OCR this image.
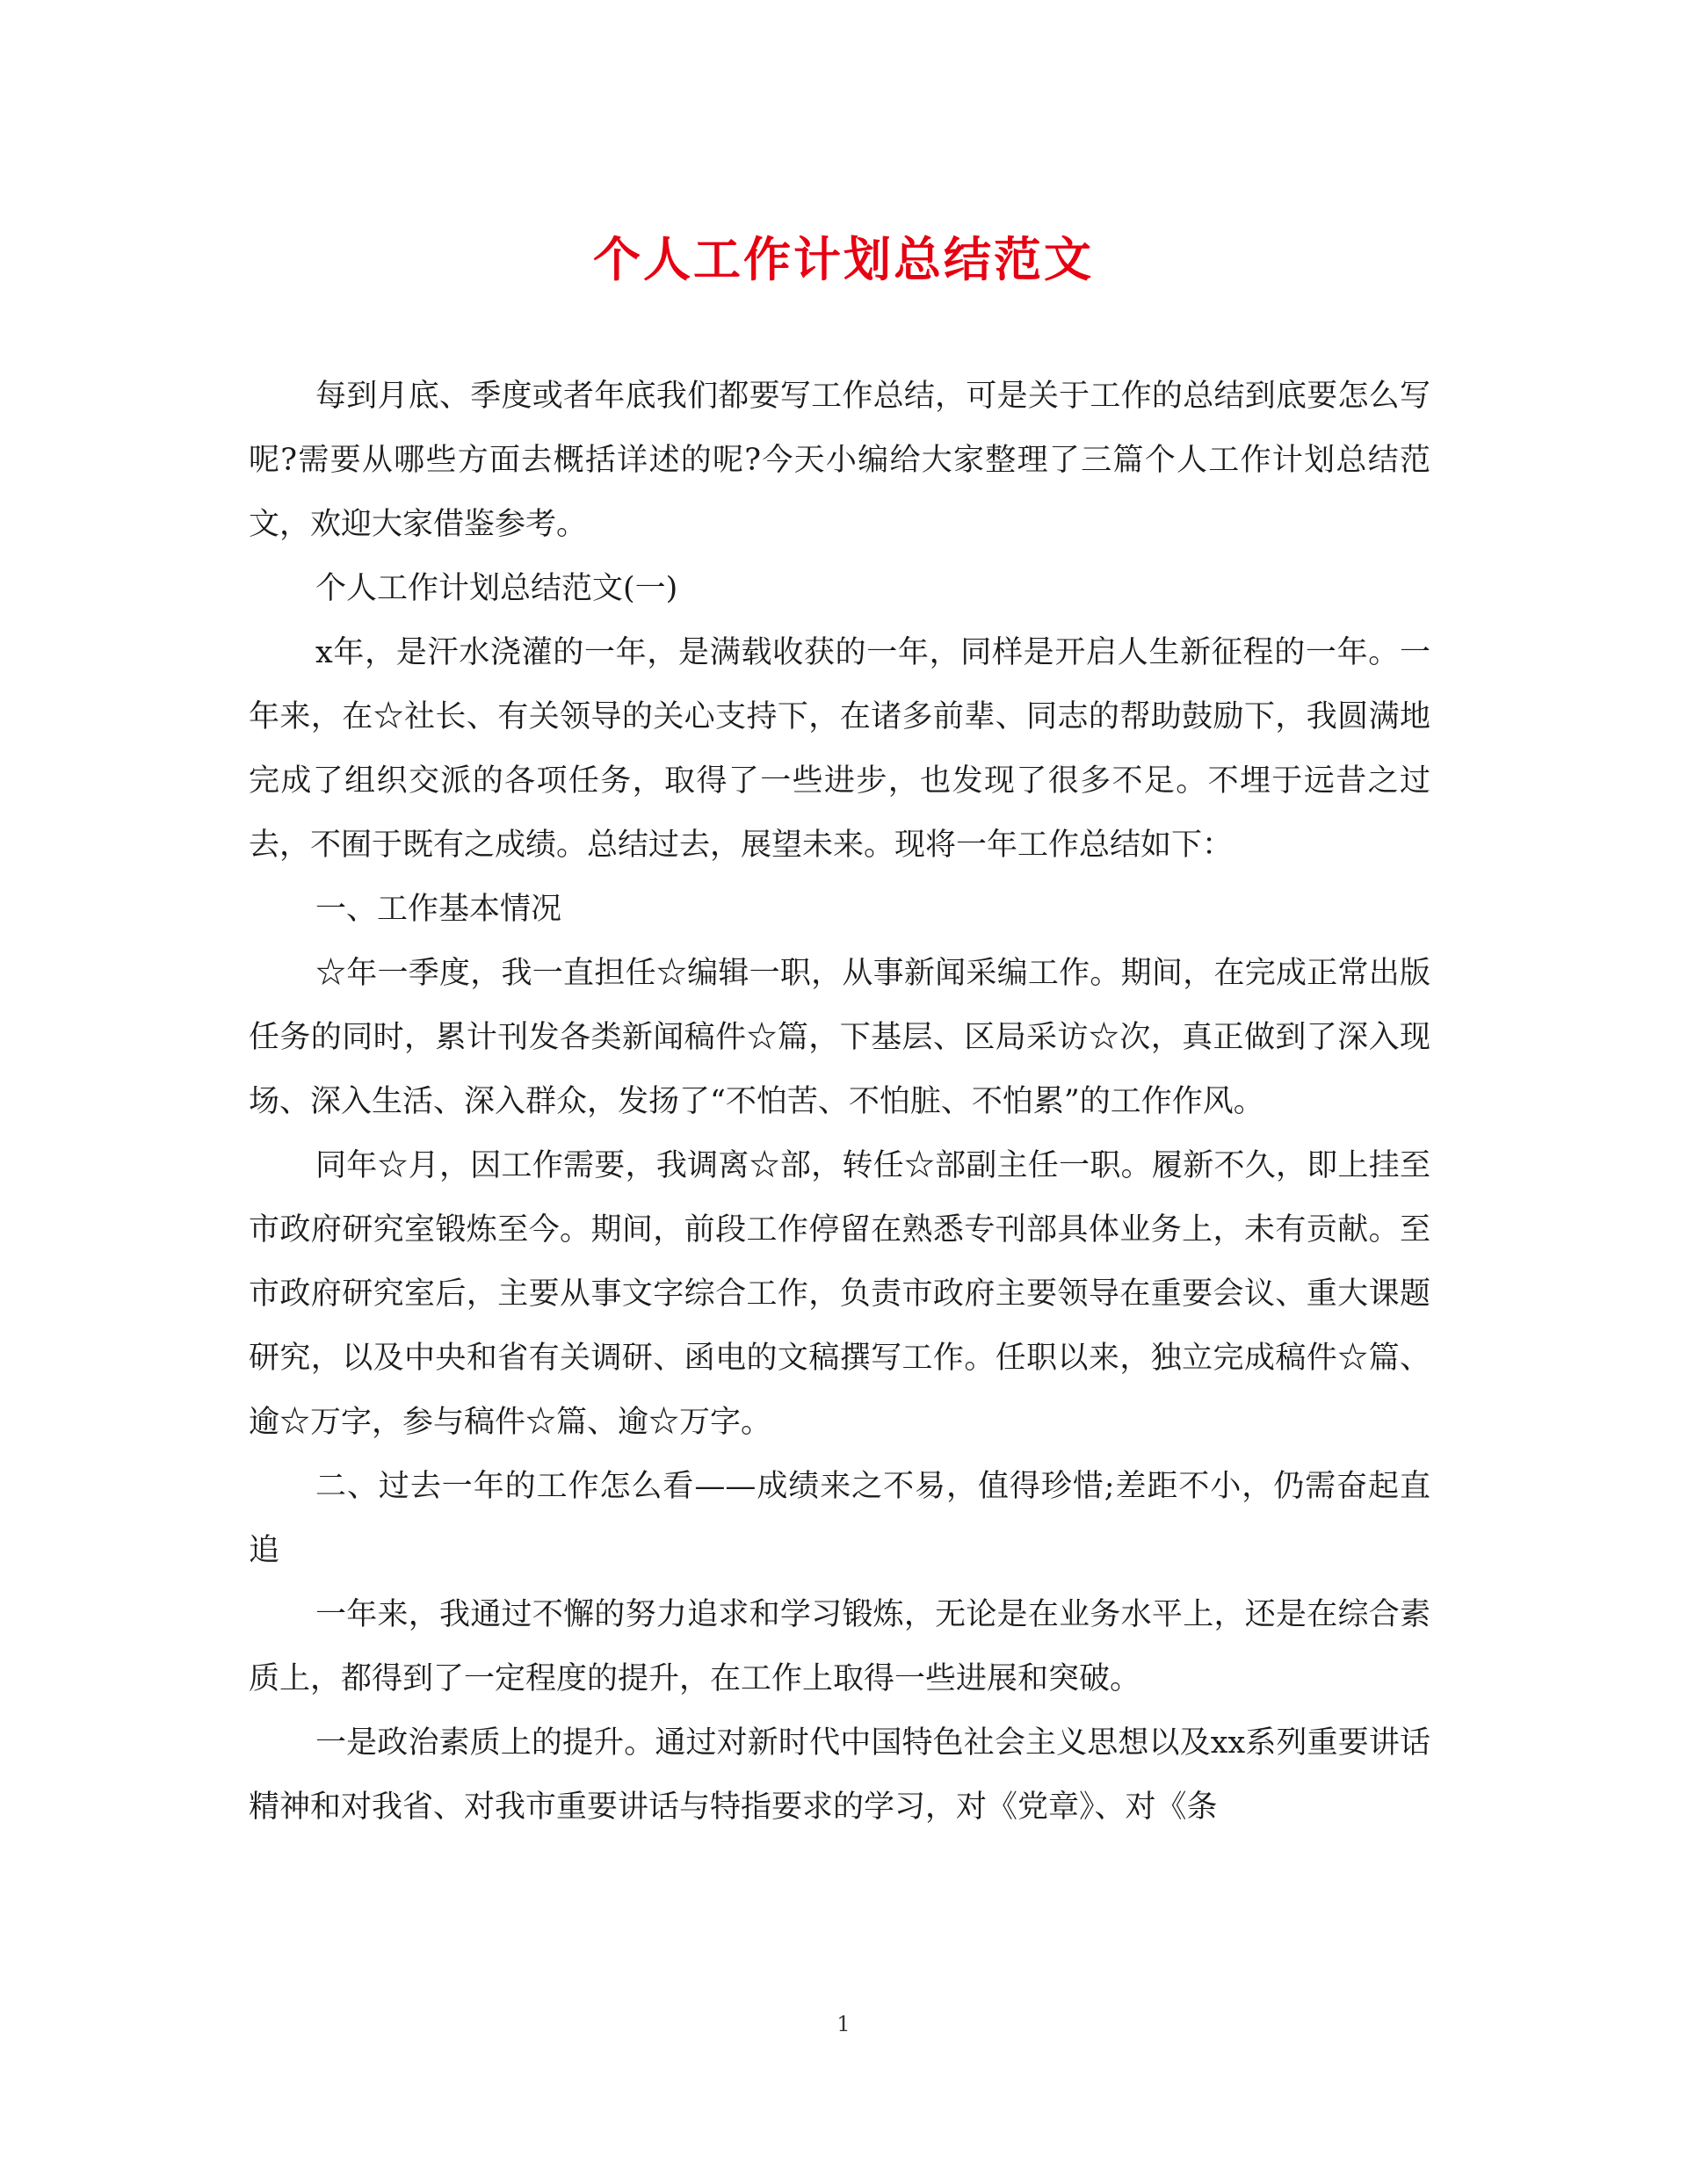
个人工作计划总结范文

每到月底、季度或者年底我们都要写工作总结，可是关于工作的总结到底要怎么写呢?需要从哪些方面去概括详述的呢?今天小编给大家整理了三篇个人工作计划总结范文，欢迎大家借鉴参考。

个人工作计划总结范文(一)

x年，是汗水浇灌的一年，是满载收获的一年，同样是开启人生新征程的一年。一年来，在☆社长、有关领导的关心支持下，在诸多前辈、同志的帮助鼓励下，我圆满地完成了组织交派的各项任务，取得了一些进步，也发现了很多不足。不埋于远昔之过去，不囿于既有之成绩。总结过去，展望未来。现将一年工作总结如下：

一、工作基本情况

☆年一季度，我一直担任☆编辑一职，从事新闻采编工作。期间，在完成正常出版任务的同时，累计刊发各类新闻稿件☆篇，下基层、区局采访☆次，真正做到了深入现场、深入生活、深入群众，发扬了“不怕苦、不怕脏、不怕累”的工作作风。

同年☆月，因工作需要，我调离☆部，转任☆部副主任一职。履新不久，即上挂至市政府研究室锻炼至今。期间，前段工作停留在熟悉专刊部具体业务上，未有贡献。至市政府研究室后，主要从事文字综合工作，负责市政府主要领导在重要会议、重大课题研究，以及中央和省有关调研、函电的文稿撰写工作。任职以来，独立完成稿件☆篇、逾☆万字，参与稿件☆篇、逾☆万字。

二、过去一年的工作怎么看——成绩来之不易，值得珍惜;差距不小，仍需奋起直追

一年来，我通过不懈的努力追求和学习锻炼，无论是在业务水平上，还是在综合素质上，都得到了一定程度的提升，在工作上取得一些进展和突破。

一是政治素质上的提升。通过对新时代中国特色社会主义思想以及xx系列重要讲话精神和对我省、对我市重要讲话与特指要求的学习，对《党章》、对《条

1
